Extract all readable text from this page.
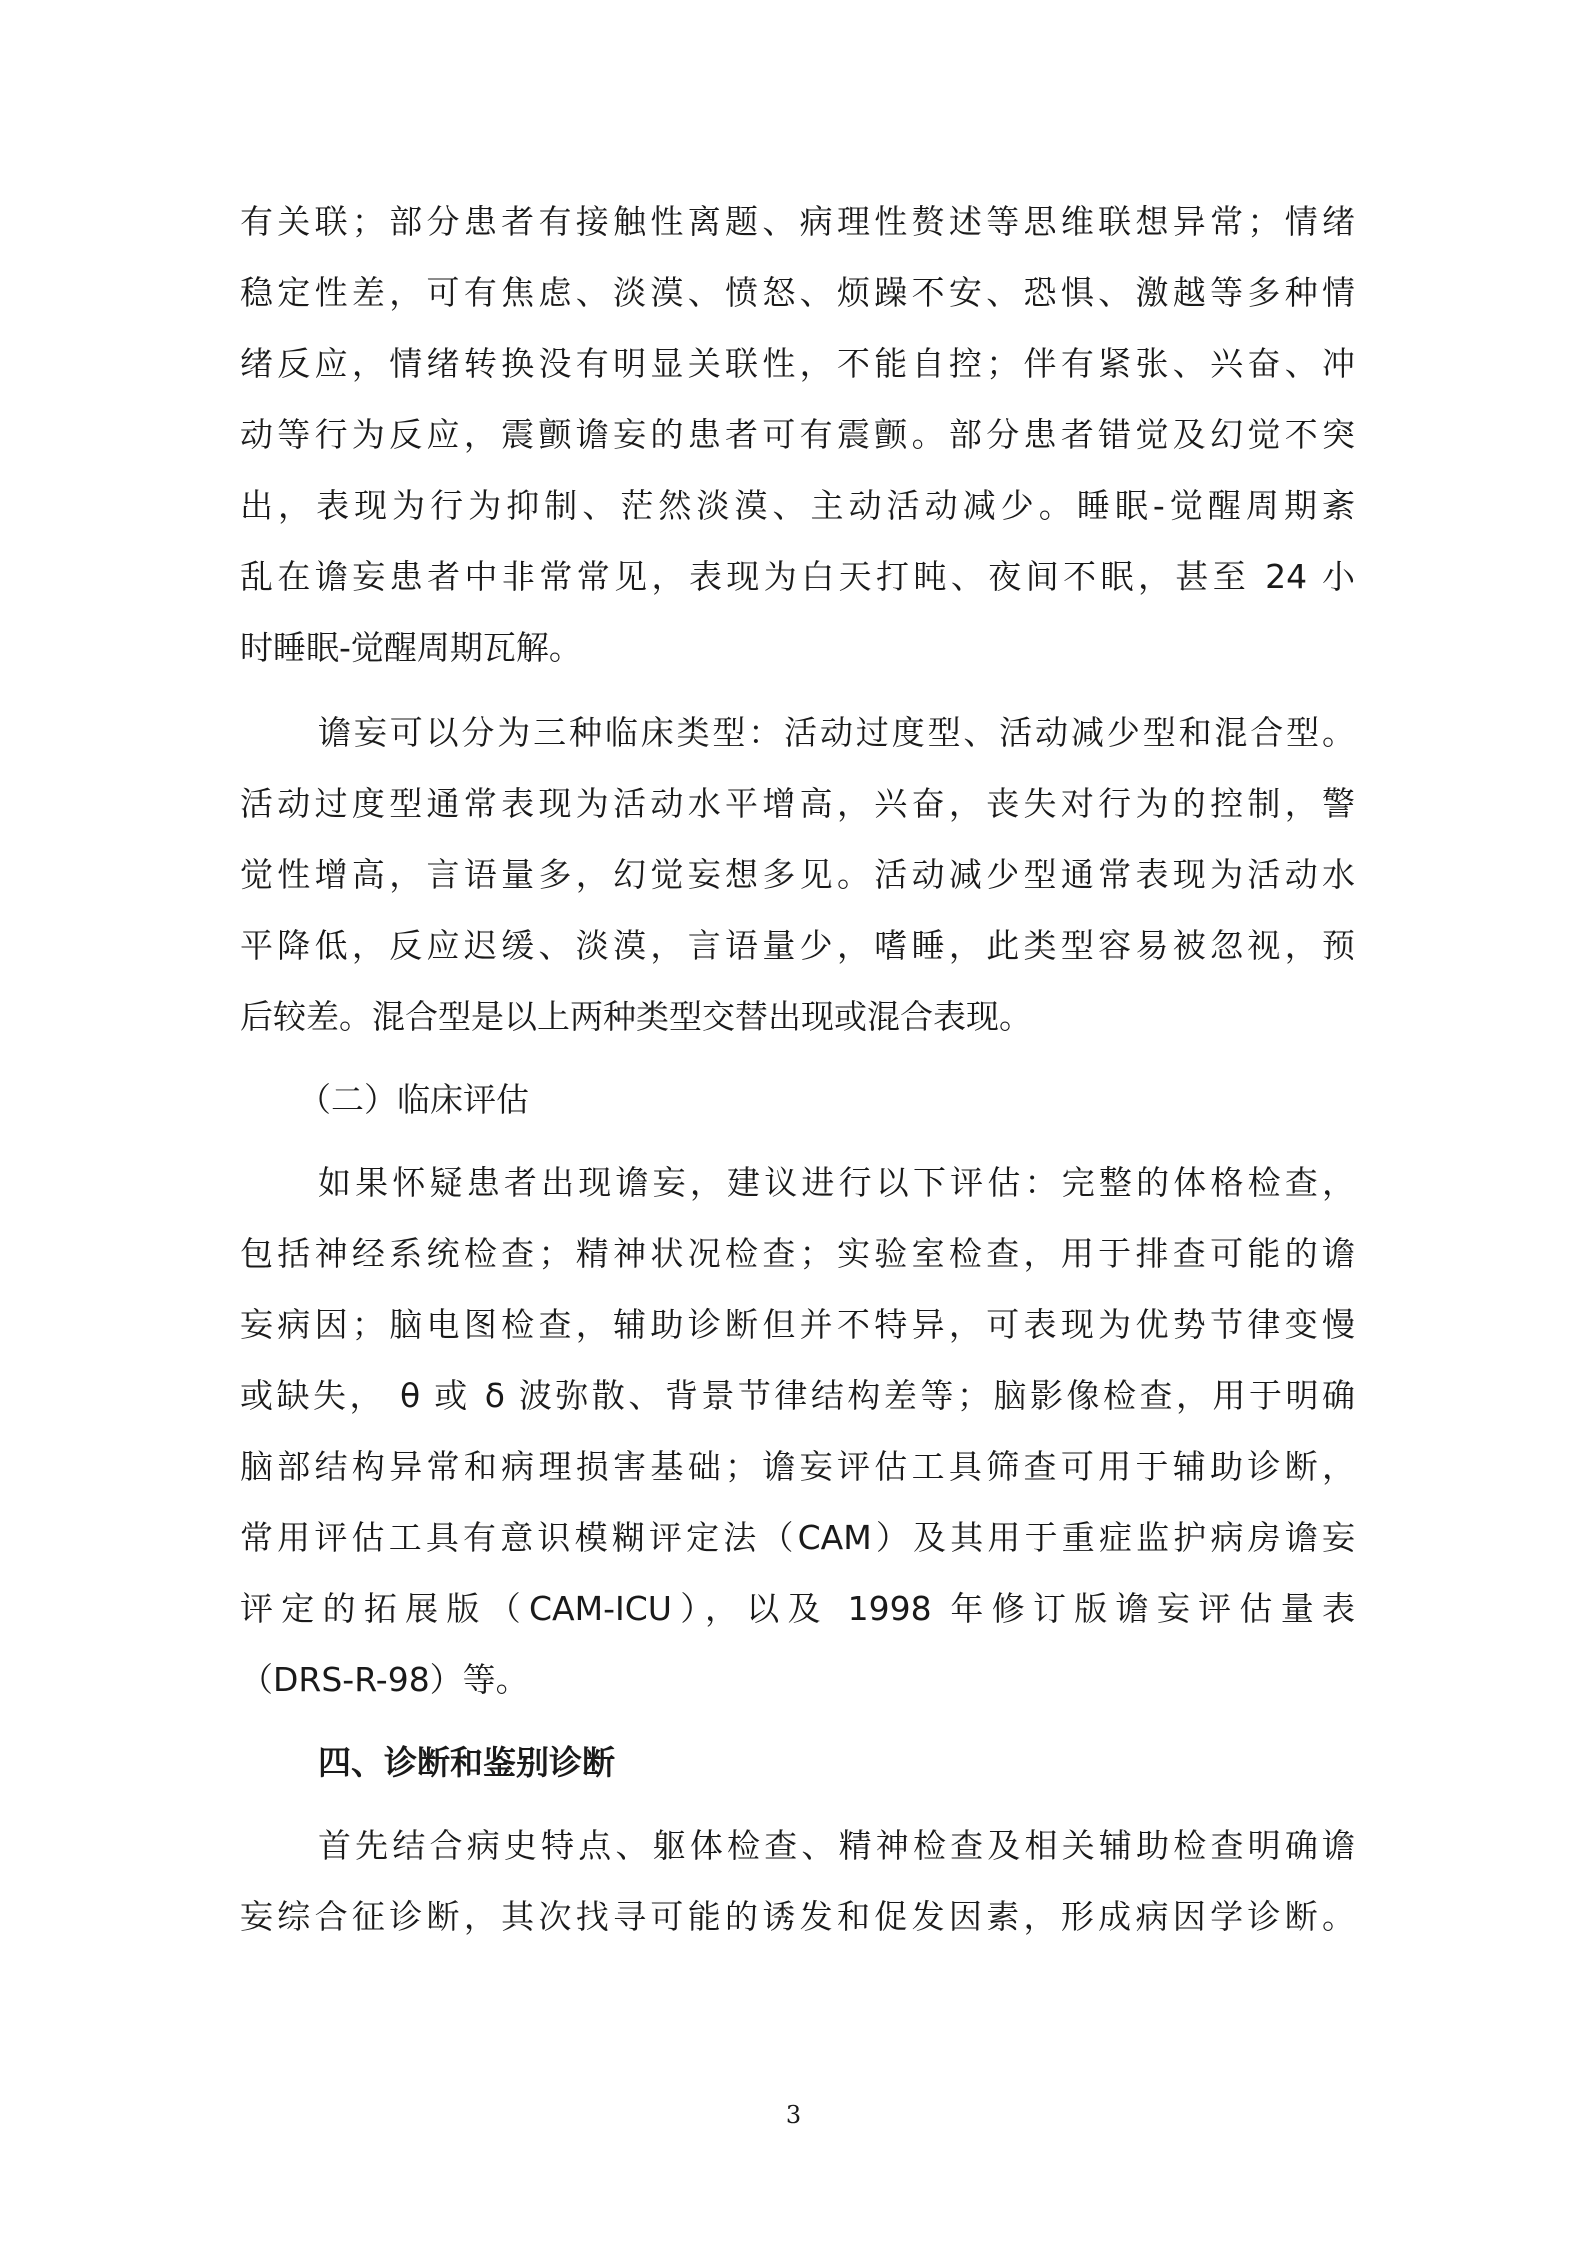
有关联；部分患者有接触性离题、病理性赘述等思维联想异常；情绪
稳定性差，可有焦虑、淡漠、愤怒、烦躁不安、恐惧、激越等多种情
绪反应，情绪转换没有明显关联性，不能自控；伴有紧张、兴奋、冲
动等行为反应，震颤谵妄的患者可有震颤。部分患者错觉及幻觉不突
出，表现为行为抑制、茫然淡漠、主动活动减少。睡眠-觉醒周期紊
乱在谵妄患者中非常常见，表现为白天打盹、夜间不眠，甚至 24 小
时睡眠-觉醒周期瓦解。
谵妄可以分为三种临床类型：活动过度型、活动减少型和混合型。
活动过度型通常表现为活动水平增高，兴奋，丧失对行为的控制，警
觉性增高，言语量多，幻觉妄想多见。活动减少型通常表现为活动水
平降低，反应迟缓、淡漠，言语量少，嗜睡，此类型容易被忽视，预
后较差。混合型是以上两种类型交替出现或混合表现。
（二）临床评估
如果怀疑患者出现谵妄，建议进行以下评估：完整的体格检查，
包括神经系统检查；精神状况检查；实验室检查，用于排查可能的谵
妄病因；脑电图检查，辅助诊断但并不特异，可表现为优势节律变慢
或缺失， θ 或 δ 波弥散、背景节律结构差等；脑影像检查，用于明确
脑部结构异常和病理损害基础；谵妄评估工具筛查可用于辅助诊断，
常用评估工具有意识模糊评定法（CAM）及其用于重症监护病房谵妄
评定的拓展版（CAM-ICU），以及 1998 年修订版谵妄评估量表
（DRS-R-98）等。
四、诊断和鉴别诊断
首先结合病史特点、躯体检查、精神检查及相关辅助检查明确谵
妄综合征诊断，其次找寻可能的诱发和促发因素，形成病因学诊断。
3
